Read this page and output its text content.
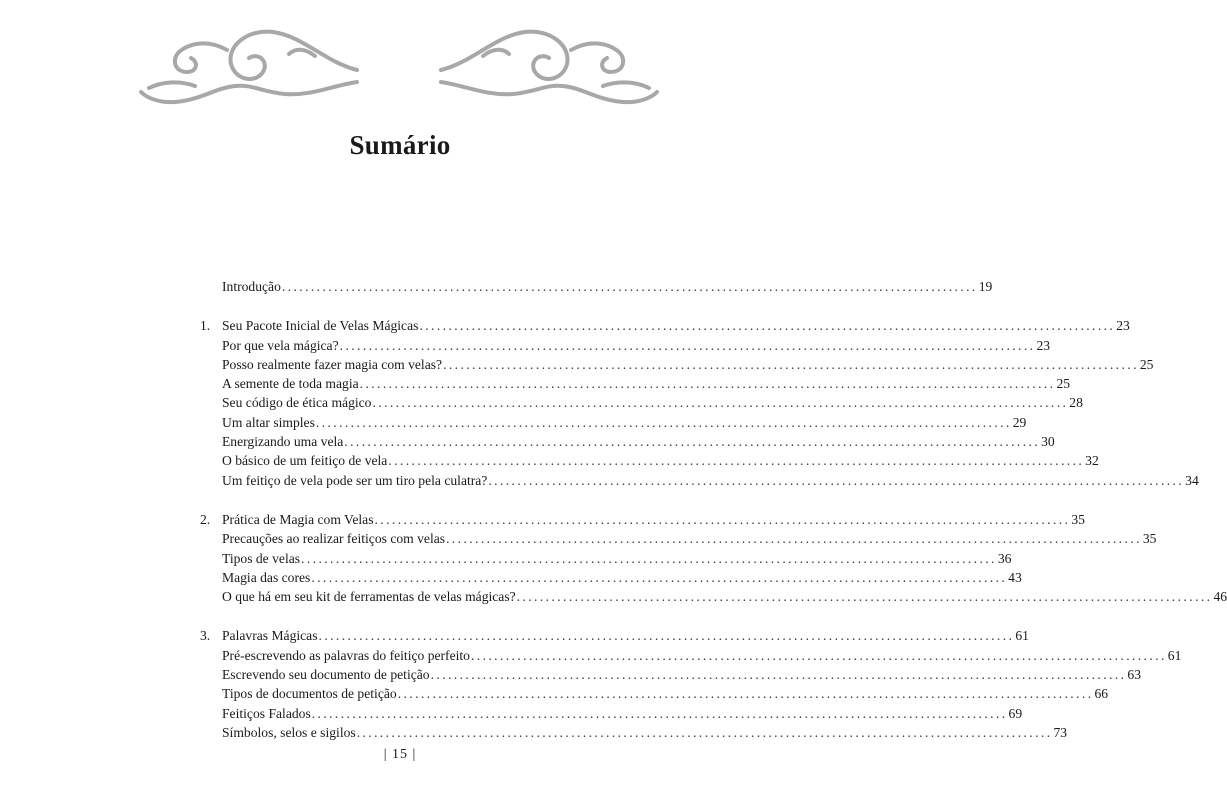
Sumário
Introdução ........................................................................................................................ 19
1. Seu Pacote Inicial de Velas Mágicas ........................................................................................................................ 23
Por que vela mágica? ........................................................................................................................ 23
Posso realmente fazer magia com velas? ........................................................................................................................ 25
A semente de toda magia ........................................................................................................................ 25
Seu código de ética mágico ........................................................................................................................ 28
Um altar simples ........................................................................................................................ 29
Energizando uma vela ........................................................................................................................ 30
O básico de um feitiço de vela ........................................................................................................................ 32
Um feitiço de vela pode ser um tiro pela culatra? ........................................................................................................................ 34
2. Prática de Magia com Velas ........................................................................................................................ 35
Precauções ao realizar feitiços com velas ........................................................................................................................ 35
Tipos de velas ........................................................................................................................ 36
Magia das cores ........................................................................................................................ 43
O que há em seu kit de ferramentas de velas mágicas? ........................................................................................................................ 46
3. Palavras Mágicas ........................................................................................................................ 61
Pré-escrevendo as palavras do feitiço perfeito ........................................................................................................................ 61
Escrevendo seu documento de petição ........................................................................................................................ 63
Tipos de documentos de petição ........................................................................................................................ 66
Feitiços Falados ........................................................................................................................ 69
Símbolos, selos e sigilos ........................................................................................................................ 73
| 15 |
